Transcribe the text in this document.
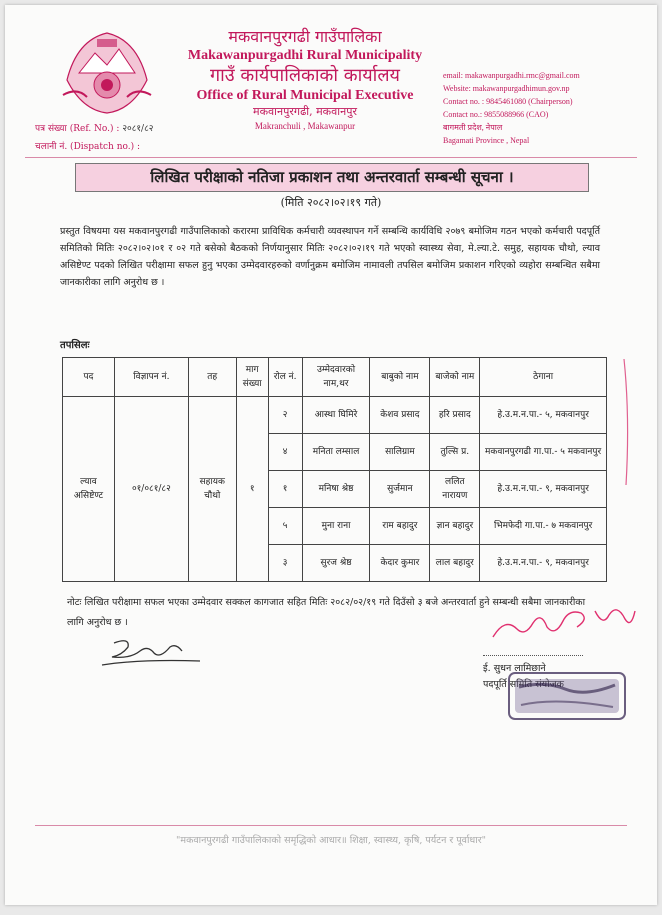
मकवानपुरगढी गाउँपालिका
Makawanpurgadhi Rural Municipality
गाउँ कार्यपालिकाको कार्यालय
Office of Rural Municipal Executive
मकवानपुरगढी, मकवानपुर
Makranchuli , Makawanpur
email: makawanpurgadhi.rmc@gmail.com
Website: makawanpurgadhimun.gov.np
Contact no. : 9845461080 (Chairperson)
Contact no.: 9855088966 (CAO)
बागमती प्रदेश, नेपाल
Bagamati Province , Nepal
पत्र संख्या (Ref. No.) : २०८१/८२
चलानी नं. (Dispatch no.) :
लिखित परीक्षाको नतिजा प्रकाशन तथा अन्तरवार्ता सम्बन्धी सूचना ।
(मिति २०८२।०२।१९ गते)
प्रस्तुत विषयमा यस मकवानपुरगढी गाउँपालिकाको करारमा प्राविधिक कर्मचारी व्यवस्थापन गर्ने सम्बन्धि कार्यविधि २०७९ बमोजिम गठन भएको कर्मचारी पदपूर्ति समितिको मितिः २०८२।०२।०१ र ०२ गते बसेको बैठकको निर्णयानुसार मितिः २०८२।०२।१९ गते भएको स्वास्थ्य सेवा, मे.ल्या.टे. समुह, सहायक चौथो, ल्याव असिष्टेण्ट पदको लिखित परीक्षामा सफल हुनु भएका उम्मेदवारहरुको वर्णानुक्रम बमोजिम नामावली तपसिल बमोजिम प्रकाशन गरिएको व्यहोरा सम्बन्धित सबैमा जानकारीका लागि अनुरोध छ ।
तपसिलः
पद	विज्ञापन नं.	तह	माग संख्या	रोल नं.	उम्मेदवारको नाम,थर	बाबुको नाम	बाजेको नाम	ठेगाना
ल्याव असिष्टेण्ट	०१/०८१/८२	सहायक चौथो	१	२	आस्था घिमिरे	केशव प्रसाद	हरि प्रसाद	हे.उ.म.न.पा.- ५, मकवानपुर
				४	मनिता लम्साल	सालिग्राम	तुल्सि प्र.	मकवानपुरगढी गा.पा.- ५ मकवानपुर
				१	मनिषा श्रेष्ठ	सुर्जमान	ललित नारायण	हे.उ.म.न.पा.- ९, मकवानपुर
				५	मुना राना	राम बहादुर	ज्ञान बहादुर	भिमफेदी गा.पा.- ७ मकवानपुर
				३	सुरज श्रेष्ठ	केदार कुमार	लाल बहादुर	हे.उ.म.न.पा.- ९, मकवानपुर
नोटः लिखित परीक्षामा सफल भएका उम्मेदवार सक्कल कागजात सहित मितिः २०८२/०२/१९ गते दिउँसो ३ बजे अन्तरवार्ता हुने सम्बन्धी सबैमा जानकारीका लागि अनुरोध छ ।
ई. सुधन लामिछाने
पदपूर्ति समिति संयोजक
"मकवानपुरगढी गाउँपालिकाको समृद्धिको आधार॥ शिक्षा, स्वास्थ्य, कृषि, पर्यटन र पूर्वाधार"
